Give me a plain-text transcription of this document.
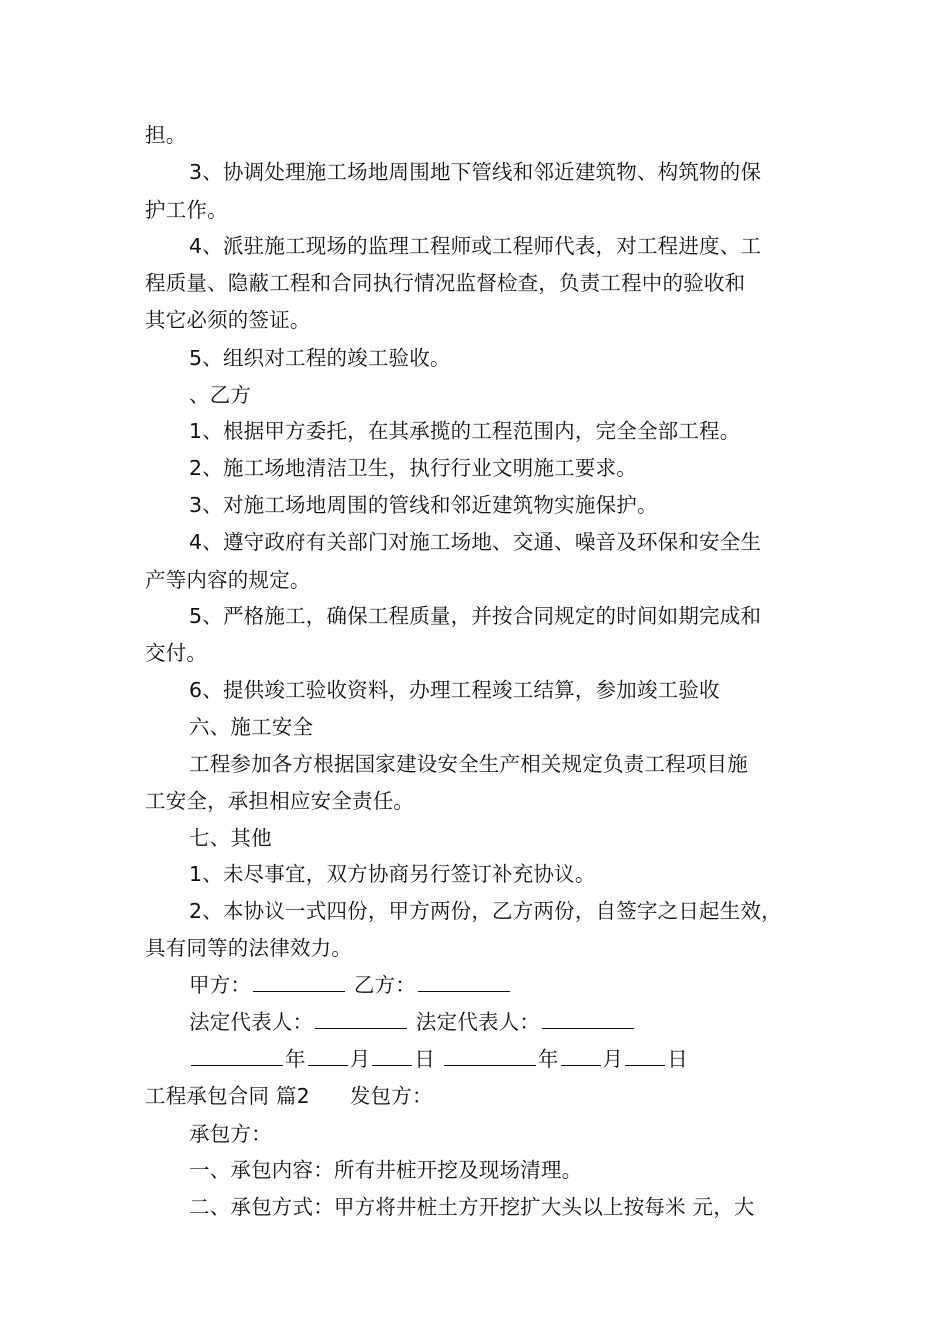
担。
3、协调处理施工场地周围地下管线和邻近建筑物、构筑物的保
护工作。
4、派驻施工现场的监理工程师或工程师代表，对工程进度、工
程质量、隐蔽工程和合同执行情况监督检查，负责工程中的验收和
其它必须的签证。
5、组织对工程的竣工验收。
、乙方
1、根据甲方委托，在其承揽的工程范围内，完全全部工程。
2、施工场地清洁卫生，执行行业文明施工要求。
3、对施工场地周围的管线和邻近建筑物实施保护。
4、遵守政府有关部门对施工场地、交通、噪音及环保和安全生
产等内容的规定。
5、严格施工，确保工程质量，并按合同规定的时间如期完成和
交付。
6、提供竣工验收资料，办理工程竣工结算，参加竣工验收
六、施工安全
工程参加各方根据国家建设安全生产相关规定负责工程项目施
工安全，承担相应安全责任。
七、其他
1、未尽事宜，双方协商另行签订补充协议。
2、本协议一式四份，甲方两份，乙方两份，自签字之日起生效，
具有同等的法律效力。
甲方：	乙方：
法定代表人：	法定代表人：
年 月 日	年 月 日
工程承包合同 篇2 发包方：
承包方：
一、承包内容：所有井桩开挖及现场清理。
二、承包方式：甲方将井桩土方开挖扩大头以上按每米 元，大
